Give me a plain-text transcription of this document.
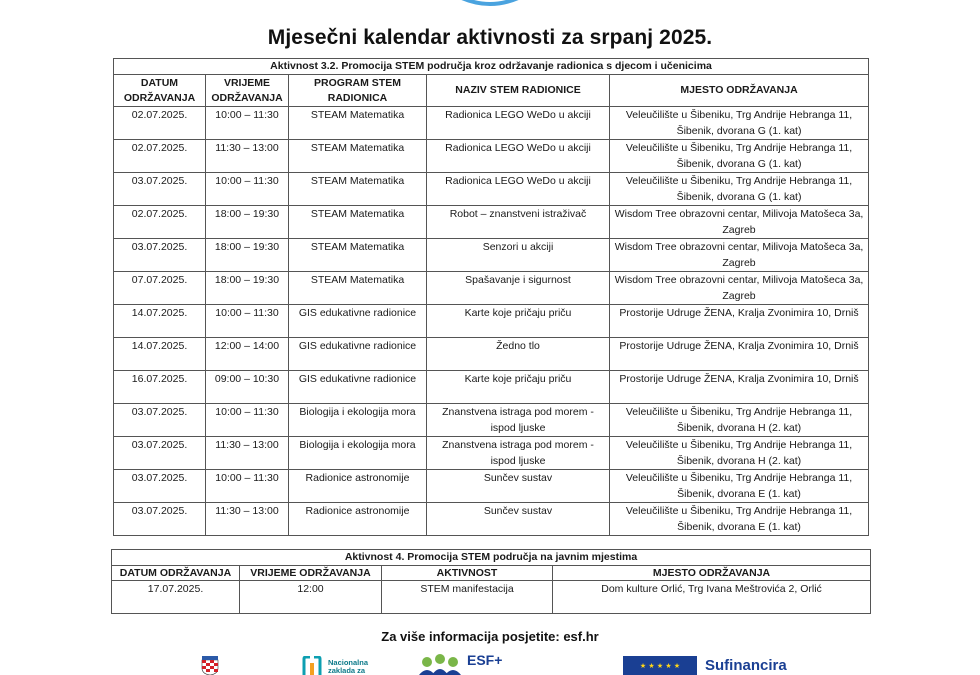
Mjesečni kalendar aktivnosti za srpanj 2025.
Aktivnost 3.2. Promocija STEM područja kroz održavanje radionica s djecom i učenicima				
DATUM ODRŽAVANJA	VRIJEME ODRŽAVANJA	PROGRAM STEM RADIONICA	NAZIV STEM RADIONICE	MJESTO ODRŽAVANJA
02.07.2025.	10:00 – 11:30	STEAM Matematika	Radionica LEGO WeDo u akciji	Veleučilište u Šibeniku, Trg Andrije Hebranga 11, Šibenik, dvorana G (1. kat)
02.07.2025.	11:30 – 13:00	STEAM Matematika	Radionica LEGO WeDo u akciji	Veleučilište u Šibeniku, Trg Andrije Hebranga 11, Šibenik, dvorana G (1. kat)
03.07.2025.	10:00 – 11:30	STEAM Matematika	Radionica LEGO WeDo u akciji	Veleučilište u Šibeniku, Trg Andrije Hebranga 11, Šibenik, dvorana G (1. kat)
02.07.2025.	18:00 – 19:30	STEAM Matematika	Robot – znanstveni istraživač	Wisdom Tree obrazovni centar, Milivoja Matošeca 3a, Zagreb
03.07.2025.	18:00 – 19:30	STEAM Matematika	Senzori u akciji	Wisdom Tree obrazovni centar, Milivoja Matošeca 3a, Zagreb
07.07.2025.	18:00 – 19:30	STEAM Matematika	Spašavanje i sigurnost	Wisdom Tree obrazovni centar, Milivoja Matošeca 3a, Zagreb
14.07.2025.	10:00 – 11:30	GIS edukativne radionice	Karte koje pričaju priču	Prostorije Udruge ŽENA, Kralja Zvonimira 10, Drniš
14.07.2025.	12:00 – 14:00	GIS edukativne radionice	Žedno tlo	Prostorije Udruge ŽENA, Kralja Zvonimira 10, Drniš
16.07.2025.	09:00 – 10:30	GIS edukativne radionice	Karte koje pričaju priču	Prostorije Udruge ŽENA, Kralja Zvonimira 10, Drniš
03.07.2025.	10:00 – 11:30	Biologija i ekologija mora	Znanstvena istraga pod morem - ispod ljuske	Veleučilište u Šibeniku, Trg Andrije Hebranga 11, Šibenik, dvorana H (2. kat)
03.07.2025.	11:30 – 13:00	Biologija i ekologija mora	Znanstvena istraga pod morem - ispod ljuske	Veleučilište u Šibeniku, Trg Andrije Hebranga 11, Šibenik, dvorana H (2. kat)
03.07.2025.	10:00 – 11:30	Radionice astronomije	Sunčev sustav	Veleučilište u Šibeniku, Trg Andrije Hebranga 11, Šibenik, dvorana E (1. kat)
03.07.2025.	11:30 – 13:00	Radionice astronomije	Sunčev sustav	Veleučilište u Šibeniku, Trg Andrije Hebranga 11, Šibenik, dvorana E (1. kat)
Aktivnost 4. Promocija STEM područja na javnim mjestima			
DATUM ODRŽAVANJA	VRIJEME ODRŽAVANJA	AKTIVNOST	MJESTO ODRŽAVANJA
17.07.2025.	12:00	STEM manifestacija	Dom kulture Orlić, Trg Ivana Meštrovića 2, Orlić
Za više informacija posjetite: esf.hr
Nacionalna
zaklada za
ESF+	★ ★ ★ ★ ★ Sufinancira
